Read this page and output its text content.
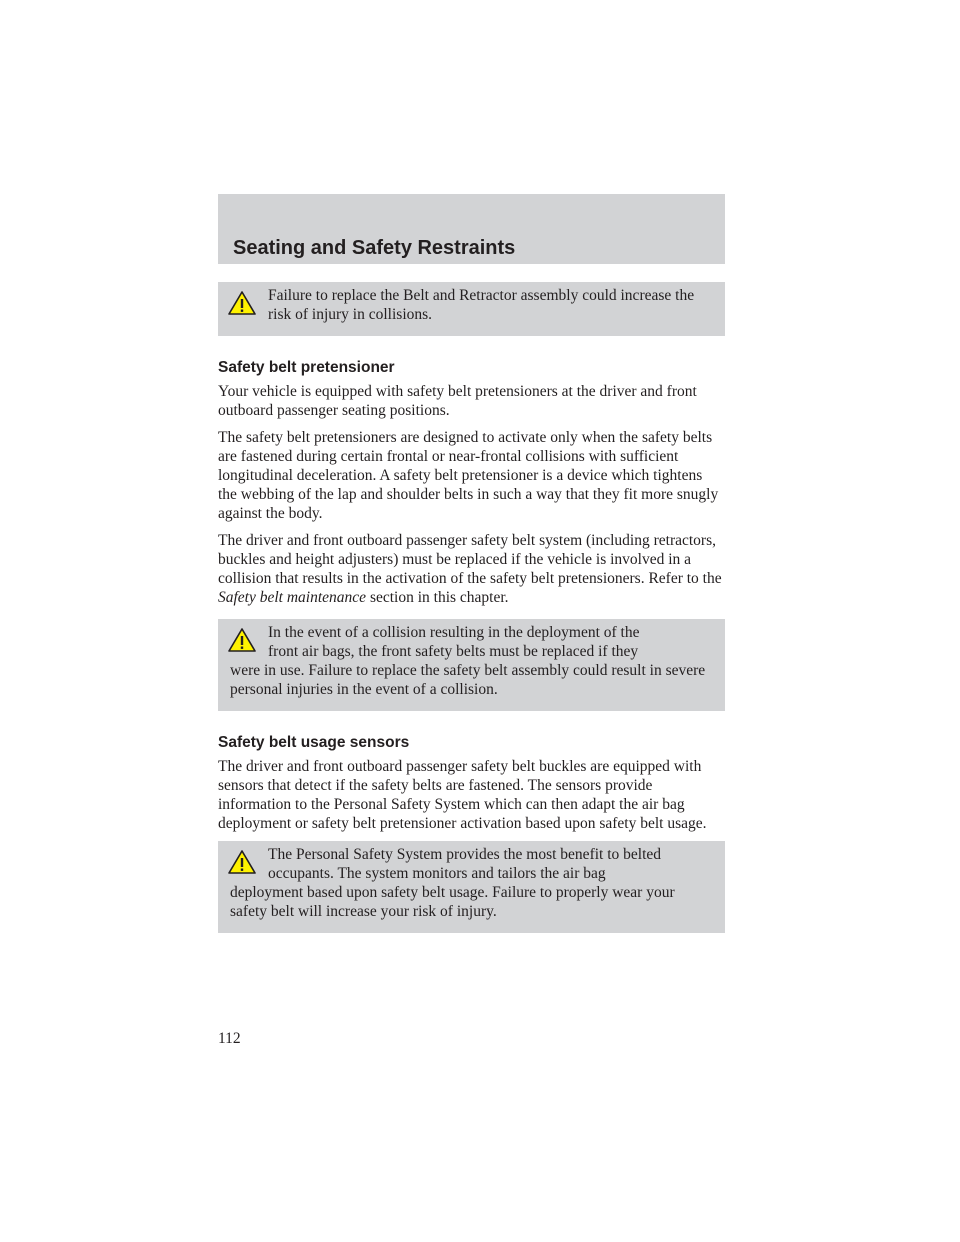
Seating and Safety Restraints
Failure to replace the Belt and Retractor assembly could increase the risk of injury in collisions.
Safety belt pretensioner

Your vehicle is equipped with safety belt pretensioners at the driver and front outboard passenger seating positions.

The safety belt pretensioners are designed to activate only when the safety belts are fastened during certain frontal or near-frontal collisions with sufficient longitudinal deceleration. A safety belt pretensioner is a device which tightens the webbing of the lap and shoulder belts in such a way that they fit more snugly against the body.

The driver and front outboard passenger safety belt system (including retractors, buckles and height adjusters) must be replaced if the vehicle is involved in a collision that results in the activation of the safety belt pretensioners. Refer to the Safety belt maintenance section in this chapter.

In the event of a collision resulting in the deployment of the
front air bags, the front safety belts must be replaced if they
were in use. Failure to replace the safety belt assembly could result in severe personal injuries in the event of a collision.
Safety belt usage sensors

The driver and front outboard passenger safety belt buckles are equipped with sensors that detect if the safety belts are fastened. The sensors provide information to the Personal Safety System which can then adapt the air bag deployment or safety belt pretensioner activation based upon safety belt usage.

The Personal Safety System provides the most benefit to belted
occupants. The system monitors and tailors the air bag
deployment based upon safety belt usage. Failure to properly wear your safety belt will increase your risk of injury.
112
